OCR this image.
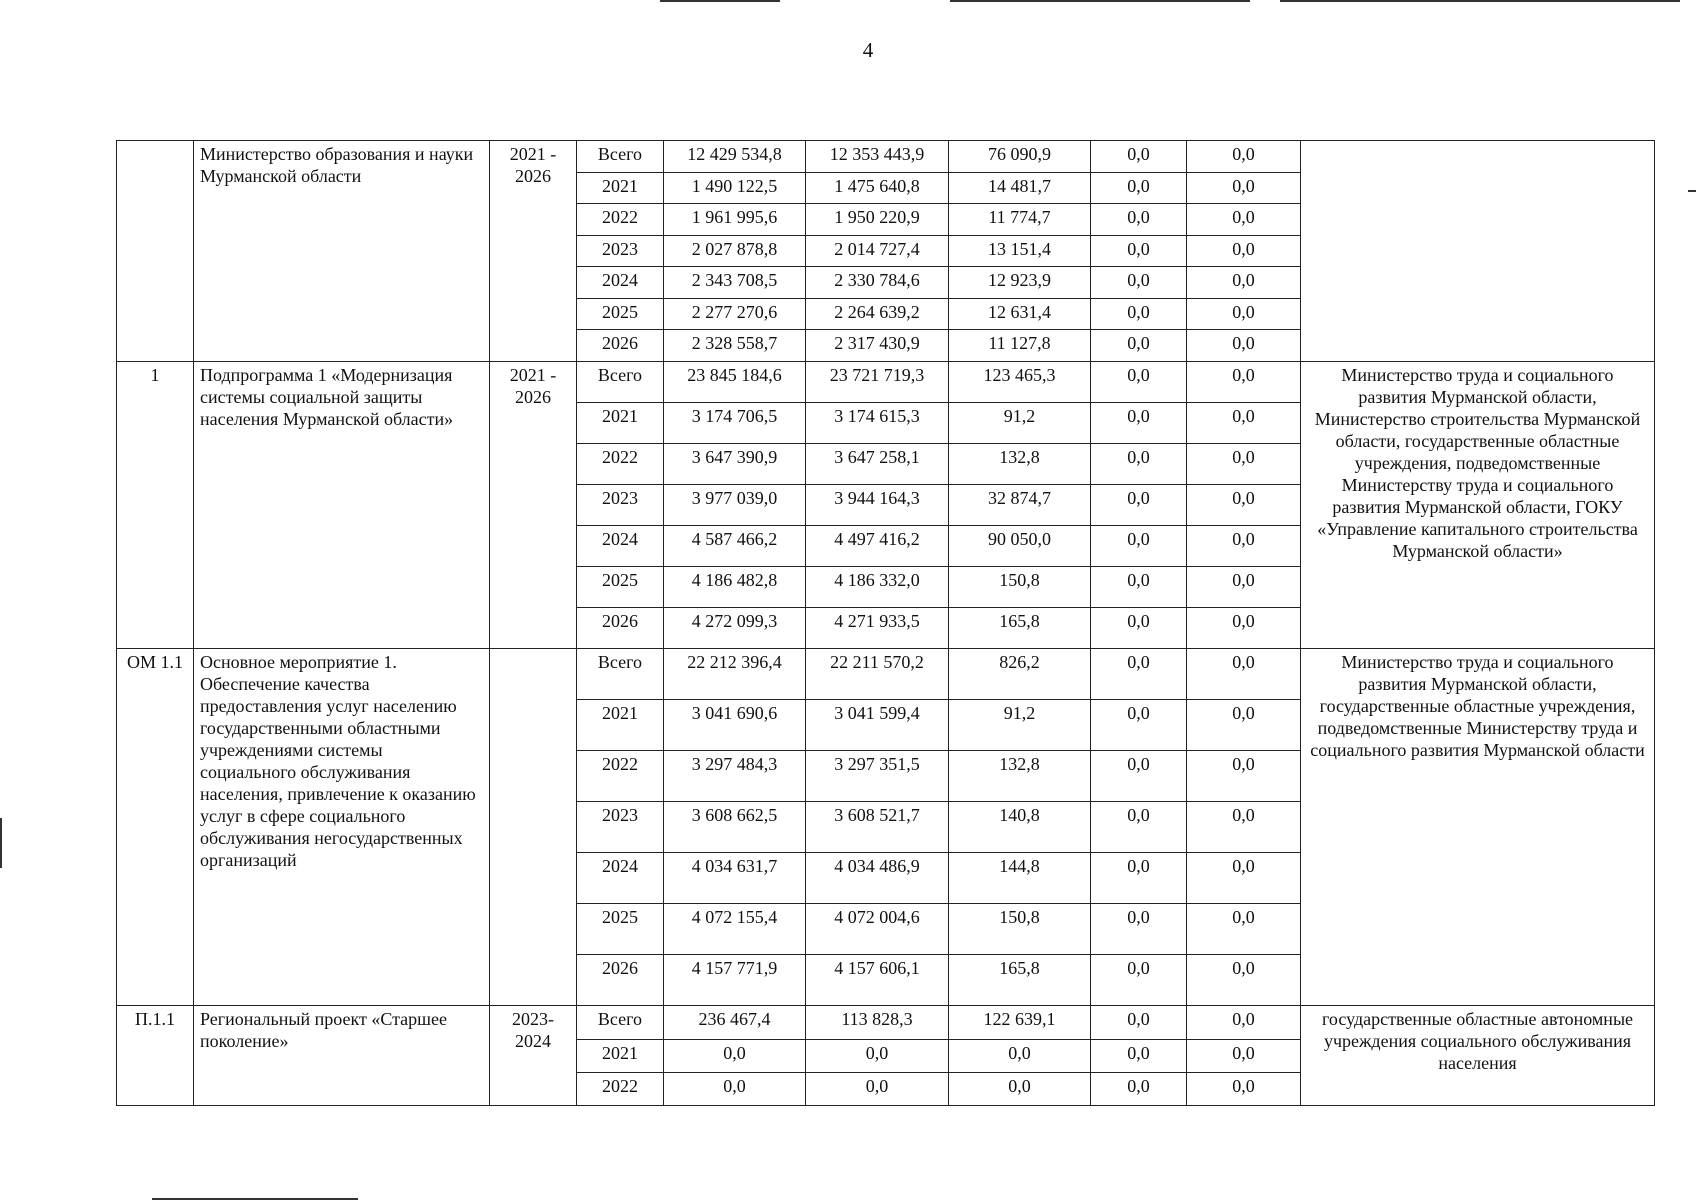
4
	Министерство образования и науки Мурманской области	2021 - 2026	Всего	12 429 534,8	12 353 443,9	76 090,9	0,0	0,0	
			2021	1 490 122,5	1 475 640,8	14 481,7	0,0	0,0	
			2022	1 961 995,6	1 950 220,9	11 774,7	0,0	0,0	
			2023	2 027 878,8	2 014 727,4	13 151,4	0,0	0,0	
			2024	2 343 708,5	2 330 784,6	12 923,9	0,0	0,0	
			2025	2 277 270,6	2 264 639,2	12 631,4	0,0	0,0	
			2026	2 328 558,7	2 317 430,9	11 127,8	0,0	0,0	
1	Подпрограмма 1 «Модернизация системы социальной защиты населения Мурманской области»	2021 - 2026	Всего	23 845 184,6	23 721 719,3	123 465,3	0,0	0,0	Министерство труда и социального развития Мурманской области, Министерство строительства Мурманской области, государственные областные учреждения, подведомственные Министерству труда и социального развития Мурманской области, ГОКУ «Управление капитального строительства Мурманской области»
			2021	3 174 706,5	3 174 615,3	91,2	0,0	0,0	
			2022	3 647 390,9	3 647 258,1	132,8	0,0	0,0	
			2023	3 977 039,0	3 944 164,3	32 874,7	0,0	0,0	
			2024	4 587 466,2	4 497 416,2	90 050,0	0,0	0,0	
			2025	4 186 482,8	4 186 332,0	150,8	0,0	0,0	
			2026	4 272 099,3	4 271 933,5	165,8	0,0	0,0	
ОМ 1.1	Основное мероприятие 1. Обеспечение качества предоставления услуг населению государственными областными учреждениями системы социального обслуживания населения, привлечение к оказанию услуг в сфере социального обслуживания негосударственных организаций		Всего	22 212 396,4	22 211 570,2	826,2	0,0	0,0	Министерство труда и социального развития Мурманской области, государственные областные учреждения, подведомственные Министерству труда и социального развития Мурманской области
			2021	3 041 690,6	3 041 599,4	91,2	0,0	0,0	
			2022	3 297 484,3	3 297 351,5	132,8	0,0	0,0	
			2023	3 608 662,5	3 608 521,7	140,8	0,0	0,0	
			2024	4 034 631,7	4 034 486,9	144,8	0,0	0,0	
			2025	4 072 155,4	4 072 004,6	150,8	0,0	0,0	
			2026	4 157 771,9	4 157 606,1	165,8	0,0	0,0	
П.1.1	Региональный проект «Старшее поколение»	2023- 2024	Всего	236 467,4	113 828,3	122 639,1	0,0	0,0	государственные областные автономные учреждения социального обслуживания населения
			2021	0,0	0,0	0,0	0,0	0,0	
			2022	0,0	0,0	0,0	0,0	0,0	
